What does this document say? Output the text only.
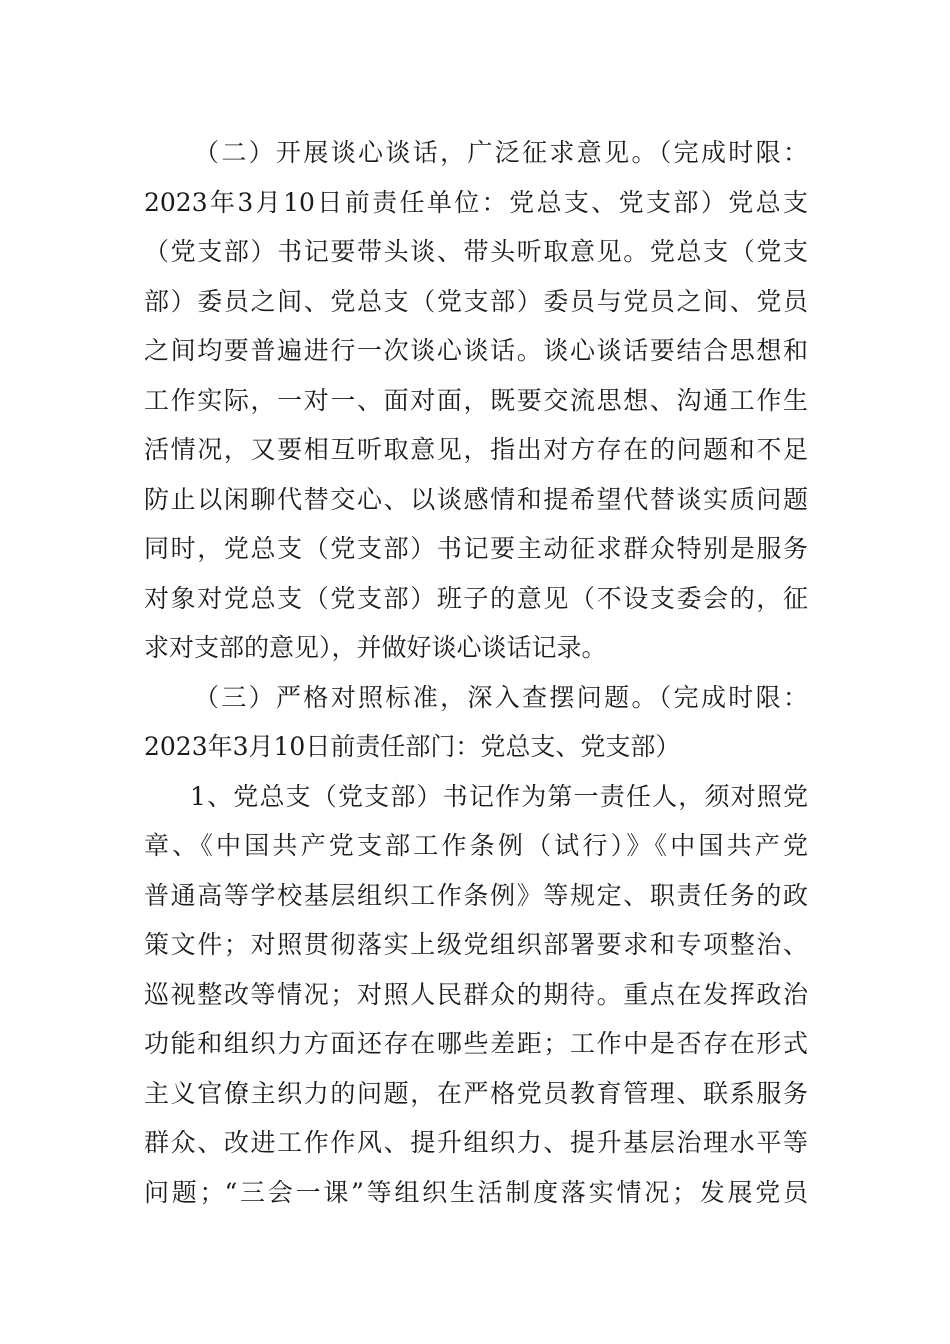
（二）开展谈心谈话，广泛征求意见。（完成时限：
2023年3月10日前责任单位：党总支、党支部）党总支
（党支部）书记要带头谈、带头听取意见。党总支（党支
部）委员之间、党总支（党支部）委员与党员之间、党员
之间均要普遍进行一次谈心谈话。谈心谈话要结合思想和
工作实际，一对一、面对面，既要交流思想、沟通工作生
活情况，又要相互听取意见，指出对方存在的问题和不足
防止以闲聊代替交心、以谈感情和提希望代替谈实质问题
同时，党总支（党支部）书记要主动征求群众特别是服务
对象对党总支（党支部）班子的意见（不设支委会的，征
求对支部的意见），并做好谈心谈话记录。
（三）严格对照标准，深入查摆问题。（完成时限：
2023年3月10日前责任部门：党总支、党支部）
1、党总支（党支部）书记作为第一责任人，须对照党
章、《中国共产党支部工作条例（试行）》《中国共产党
普通高等学校基层组织工作条例》等规定、职责任务的政
策文件；对照贯彻落实上级党组织部署要求和专项整治、
巡视整改等情况；对照人民群众的期待。重点在发挥政治
功能和组织力方面还存在哪些差距；工作中是否存在形式
主义官僚主织力的问题，在严格党员教育管理、联系服务
群众、改进工作作风、提升组织力、提升基层治理水平等
问题；“三会一课”等组织生活制度落实情况；发展党员
